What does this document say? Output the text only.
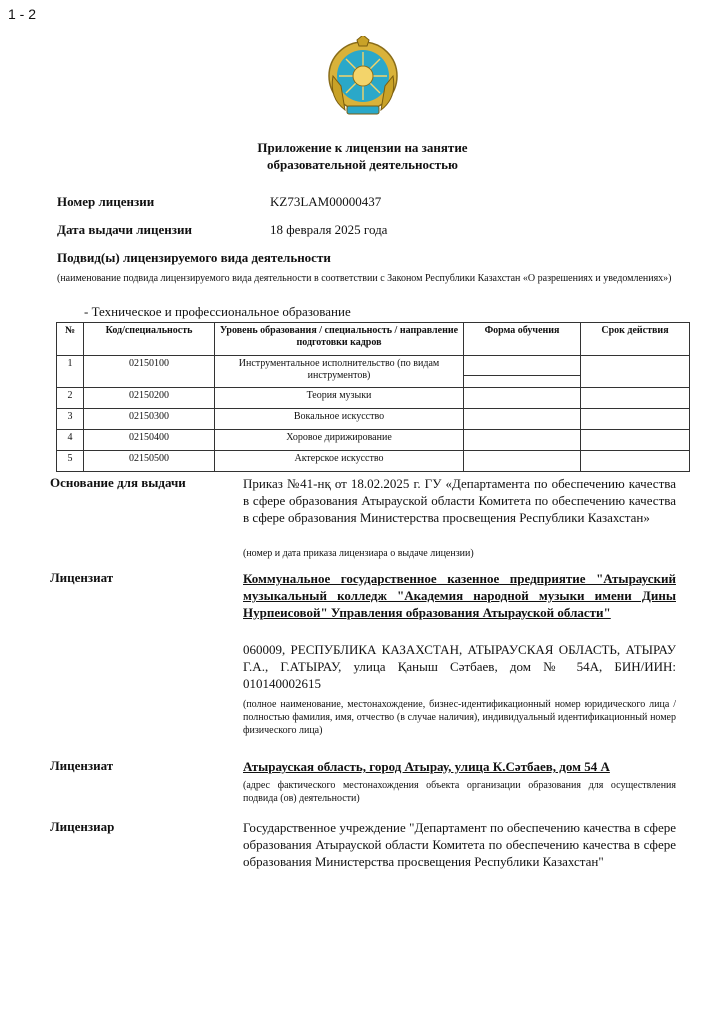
1 - 2
Приложение к лицензии на занятие
образовательной деятельностью
Номер лицензии	KZ73LAM00000437
Дата выдачи лицензии	18 февраля 2025 года
Подвид(ы) лицензируемого вида деятельности
(наименование подвида лицензируемого вида деятельности в соответствии с Законом Республики Казахстан «О разрешениях и уведомлениях»)
- Техническое и профессиональное образование
№	Код/специальность	Уровень образования / специальность / направление подготовки кадров	Форма обучения	Срок действия
1	02150100	Инструментальное исполнительство (по видам инструментов)	

2	02150200	Теория музыки		
3	02150300	Вокальное искусство		
4	02150400	Хоровое дирижирование		
5	02150500	Актерское искусство		
Основание для выдачи	Приказ №41-нқ от 18.02.2025 г. ГУ «Департамента по обеспечению качества в сфере образования Атырауской области Комитета по обеспечению качества в сфере образования Министерства просвещения Республики Казахстан»
(номер и дата приказа лицензиара о выдаче лицензии)
Лицензиат	Коммунальное государственное казенное предприятие "Атырауский музыкальный колледж "Академия народной музыки имени Дины Нурпеисовой" Управления образования Атырауской области"
060009, РЕСПУБЛИКА КАЗАХСТАН, АТЫРАУСКАЯ ОБЛАСТЬ, АТЫРАУ Г.А., Г.АТЫРАУ, улица Қаныш Сәтбаев, дом № 54А, БИН/ИИН: 010140002615
(полное наименование, местонахождение, бизнес-идентификационный номер юридического лица / полностью фамилия, имя, отчество (в случае наличия), индивидуальный идентификационный номер физического лица)
Лицензиат	Атырауская область, город Атырау, улица К.Сәтбаев, дом 54 А
(адрес фактического местонахождения объекта организации образования для осуществления подвида (ов) деятельности)
Лицензиар	Государственное учреждение "Департамент по обеспечению качества в сфере образования Атырауской области Комитета по обеспечению качества в сфере образования Министерства просвещения Республики Казахстан"
